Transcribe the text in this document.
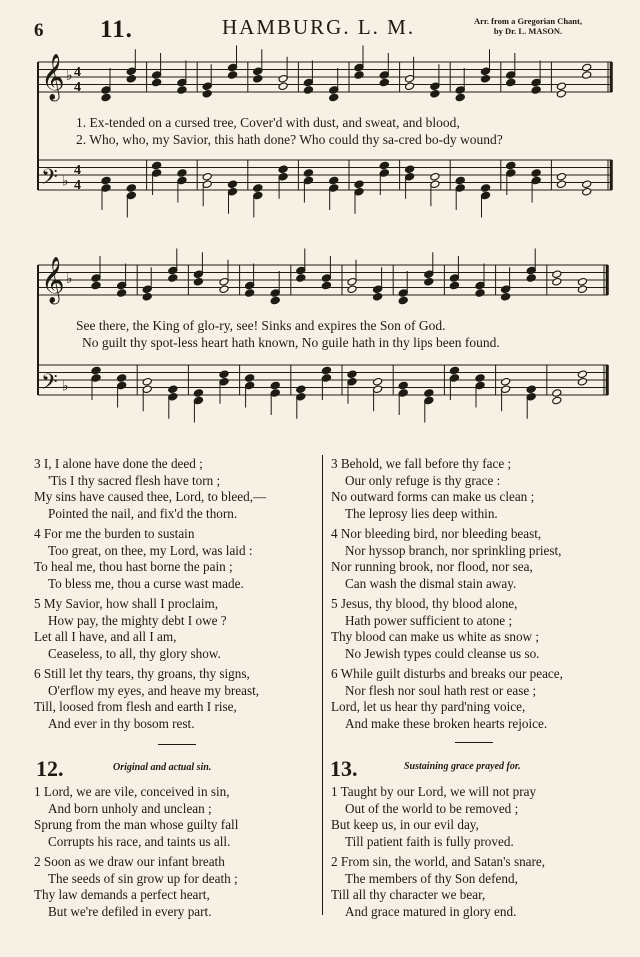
6 11.	HAMBURG. L. M.	Arr. from a Gregorian Chant,
by Dr. L. MASON.
𝄞 ♭ 4
4
𝄢 ♭
4
4
𝄞 ♭
𝄢 ♭
1. Ex-tended on a cursed tree, Cover'd with dust, and sweat, and blood,
2. Who, who, my Savior, this hath done? Who could thy sa-cred bo-dy wound?
See there, the King of glo-ry, see! Sinks and expires the Son of God.
No guilt thy spot-less heart hath known, No guile hath in thy lips been found.
3 I, I alone have done the deed ;
'Tis I thy sacred flesh have torn ;
My sins have caused thee, Lord, to bleed,—
Pointed the nail, and fix'd the thorn.
4 For me the burden to sustain
Too great, on thee, my Lord, was laid :
To heal me, thou hast borne the pain ;
To bless me, thou a curse wast made.
5 My Savior, how shall I proclaim,
How pay, the mighty debt I owe ?
Let all I have, and all I am,
Ceaseless, to all, thy glory show.
6 Still let thy tears, thy groans, thy signs,
O'erflow my eyes, and heave my breast,
Till, loosed from flesh and earth I rise,
And ever in thy bosom rest.
3 Behold, we fall before thy face ;
Our only refuge is thy grace :
No outward forms can make us clean ;
The leprosy lies deep within.
4 Nor bleeding bird, nor bleeding beast,
Nor hyssop branch, nor sprinkling priest,
Nor running brook, nor flood, nor sea,
Can wash the dismal stain away.
5 Jesus, thy blood, thy blood alone,
Hath power sufficient to atone ;
Thy blood can make us white as snow ;
No Jewish types could cleanse us so.
6 While guilt disturbs and breaks our peace,
Nor flesh nor soul hath rest or ease ;
Lord, let us hear thy pard'ning voice,
And make these broken hearts rejoice.
12.	Original and actual sin.
1 Lord, we are vile, conceived in sin,
And born unholy and unclean ;
Sprung from the man whose guilty fall
Corrupts his race, and taints us all.
2 Soon as we draw our infant breath
The seeds of sin grow up for death ;
Thy law demands a perfect heart,
But we're defiled in every part.
13.	Sustaining grace prayed for.
1 Taught by our Lord, we will not pray
Out of the world to be removed ;
But keep us, in our evil day,
Till patient faith is fully proved.
2 From sin, the world, and Satan's snare,
The members of thy Son defend,
Till all thy character we bear,
And grace matured in glory end.
